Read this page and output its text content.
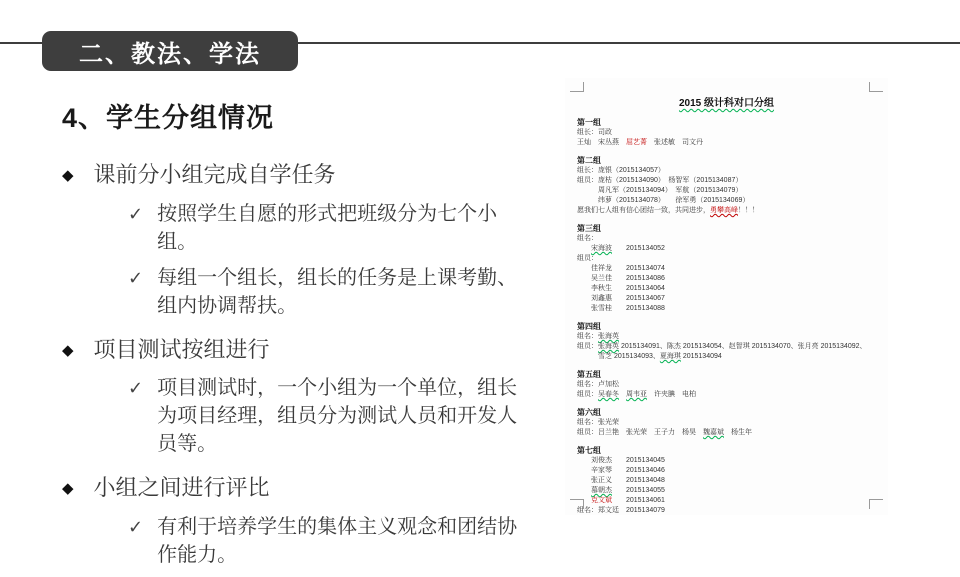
二、教法、学法
4、学生分组情况
◆ 课前分小组完成自学任务
✓ 按照学生自愿的形式把班级分为七个小组。
✓ 每组一个组长，组长的任务是上课考勤、组内协调帮扶。
◆ 项目测试按组进行
✓ 项目测试时，一个小组为一个单位，组长为项目经理，组员分为测试人员和开发人员等。
◆ 小组之间进行评比
✓ 有利于培养学生的集体主义观念和团结协作能力。
2015 级计科对口分组
第一组
组长：司政
王灿　宋丛燕　屈艺菁　张述敏　司文丹
第二组
组长：庞银（2015134057）
组员：庞枯（2015134090）　杨智军（2015134087）
　　　周凡军（2015134094）　军航（2015134079）
　　　纬萝（2015134078）　　徐军勇（2015134069）
愿我们七人组有信心团结一致，共同进步，勇攀高峰！！！
第三组
组名：
　　宋海波　　2015134052
组员：
　　佳祥龙　　2015134074
　　吴兰佳　　2015134086
　　李秋生　　2015134064
　　刘鑫惠　　2015134067
　　张雪桂　　2015134088
第四组
组名：张海英
组员：张海英 2015134091、陈杰 2015134054、赵智琪 2015134070、张月亮 2015134092、
　　　雪芝 2015134093、夏海琪 2015134094
第五组
组名：卢加松
组员：吴春冬　 周韦亚　许夹腆　电柏
第六组
组名：张光荣
组员：吕兰艳　张光荣　王子力　杨昊　魏嘉斌　杨生年
第七组
　　刘俊杰　　2015134045
　　辛家琴　　2015134046
　　张正义　　2015134048
　　慕朝杰　　2015134055
　　克文斌　　2015134061
组名：郑文廷　2015134079
